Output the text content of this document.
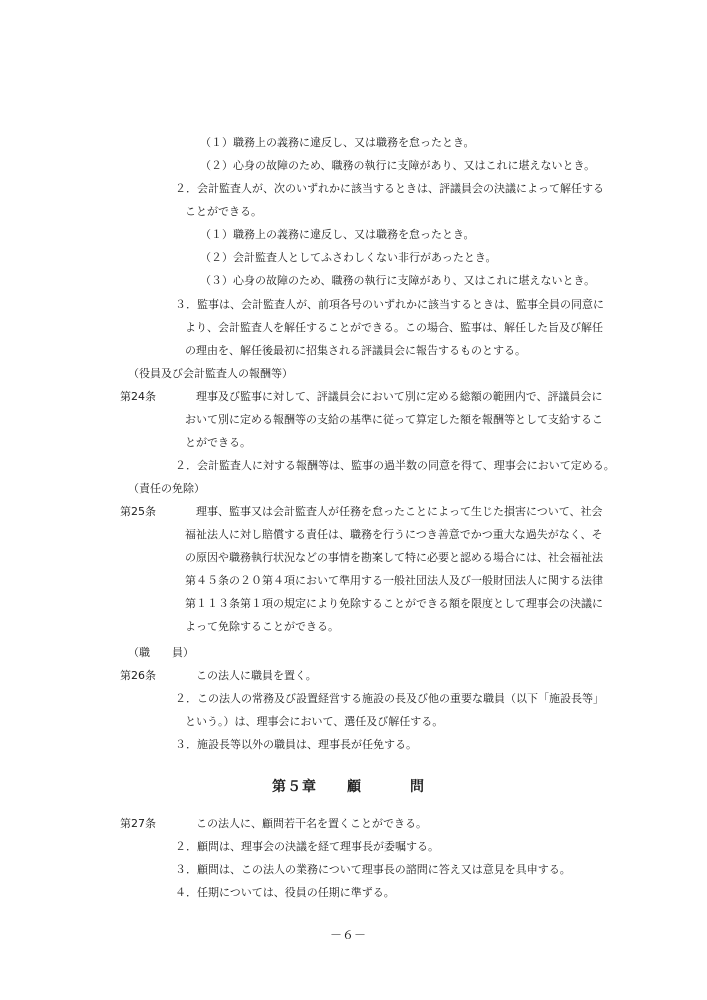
（１）職務上の義務に違反し、又は職務を怠ったとき。
（２）心身の故障のため、職務の執行に支障があり、又はこれに堪えないとき。
２．会計監査人が、次のいずれかに該当するときは、評議員会の決議によって解任する
ことができる。
（１）職務上の義務に違反し、又は職務を怠ったとき。
（２）会計監査人としてふさわしくない非行があったとき。
（３）心身の故障のため、職務の執行に支障があり、又はこれに堪えないとき。
３．監事は、会計監査人が、前項各号のいずれかに該当するときは、監事全員の同意に
より、会計監査人を解任することができる。この場合、監事は、解任した旨及び解任
の理由を、解任後最初に招集される評議員会に報告するものとする。
（役員及び会計監査人の報酬等）
第24条	理事及び監事に対して、評議員会において別に定める総額の範囲内で、評議員会に
おいて別に定める報酬等の支給の基準に従って算定した額を報酬等として支給するこ
とができる。
２．会計監査人に対する報酬等は、監事の過半数の同意を得て、理事会において定める。
（責任の免除）
第25条	理事、監事又は会計監査人が任務を怠ったことによって生じた損害について、社会
福祉法人に対し賠償する責任は、職務を行うにつき善意でかつ重大な過失がなく、そ
の原因や職務執行状況などの事情を勘案して特に必要と認める場合には、社会福祉法
第４５条の２０第４項において準用する一般社団法人及び一般財団法人に関する法律
第１１３条第１項の規定により免除することができる額を限度として理事会の決議に
よって免除することができる。
（職 員）
第26条	この法人に職員を置く。
２．この法人の常務及び設置経営する施設の長及び他の重要な職員（以下「施設長等」
という。）は、理事会において、選任及び解任する。
３．施設長等以外の職員は、理事長が任免する。
第５章 顧	問
第27条	この法人に、顧問若干名を置くことができる。
２．顧問は、理事会の決議を経て理事長が委嘱する。
３．顧問は、この法人の業務について理事長の諮問に答え又は意見を具申する。
４．任期については、役員の任期に準ずる。
－６－
